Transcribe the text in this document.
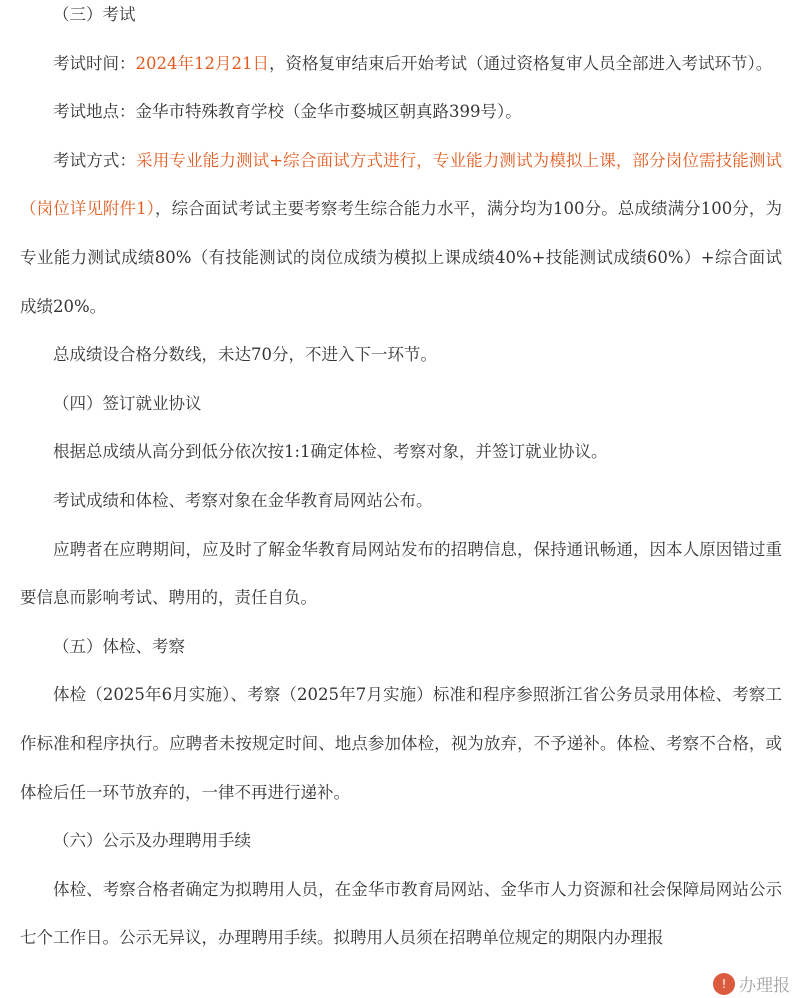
（三）考试
考试时间：2024年12月21日，资格复审结束后开始考试（通过资格复审人员全部进入考试环节）。
考试地点：金华市特殊教育学校（金华市婺城区朝真路399号）。
考试方式：采用专业能力测试+综合面试方式进行，专业能力测试为模拟上课，部分岗位需技能测试（岗位详见附件1），综合面试考试主要考察考生综合能力水平，满分均为100分。总成绩满分100分，为专业能力测试成绩80%（有技能测试的岗位成绩为模拟上课成绩40%+技能测试成绩60%）+综合面试成绩20%。
总成绩设合格分数线，未达70分，不进入下一环节。
（四）签订就业协议
根据总成绩从高分到低分依次按1:1确定体检、考察对象，并签订就业协议。
考试成绩和体检、考察对象在金华教育局网站公布。
应聘者在应聘期间，应及时了解金华教育局网站发布的招聘信息，保持通讯畅通，因本人原因错过重要信息而影响考试、聘用的，责任自负。
（五）体检、考察
体检（2025年6月实施）、考察（2025年7月实施）标准和程序参照浙江省公务员录用体检、考察工作标准和程序执行。应聘者未按规定时间、地点参加体检，视为放弃，不予递补。体检、考察不合格，或体检后任一环节放弃的，一律不再进行递补。
（六）公示及办理聘用手续
体检、考察合格者确定为拟聘用人员，在金华市教育局网站、金华市人力资源和社会保障局网站公示七个工作日。公示无异议，办理聘用手续。拟聘用人员须在招聘单位规定的期限内办理报
! 办理报
